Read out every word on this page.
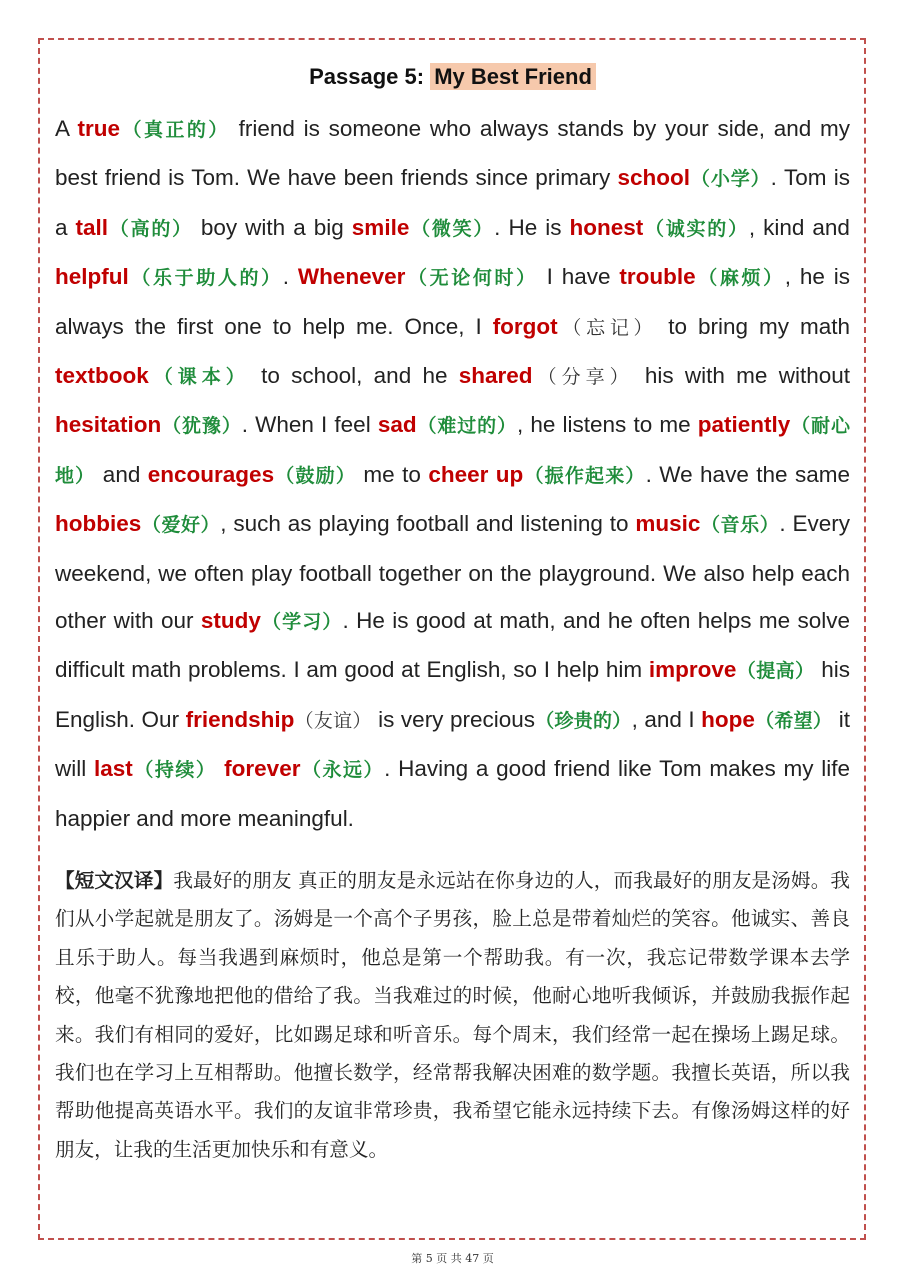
Passage 5: My Best Friend

A true（真正的） friend is someone who always stands by your side, and my best friend is Tom. We have been friends since primary school（小学）. Tom is a tall（高的） boy with a big smile（微笑）. He is honest（诚实的）, kind and helpful（乐于助人的）. Whenever（无论何时） I have trouble（麻烦）, he is always the first one to help me. Once, I forgot（忘记） to bring my math textbook（课本） to school, and he shared（分享） his with me without hesitation（犹豫）. When I feel sad（难过的）, he listens to me patiently（耐心地） and encourages（鼓励） me to cheer up（振作起来）. We have the same hobbies（爱好）, such as playing football and listening to music（音乐）. Every weekend, we often play football together on the playground. We also help each other with our study（学习）. He is good at math, and he often helps me solve difficult math problems. I am good at English, so I help him improve（提高） his English. Our friendship（友谊） is very precious（珍贵的）, and I hope（希望） it will last（持续） forever（永远）. Having a good friend like Tom makes my life happier and more meaningful.

【短文汉译】我最好的朋友 真正的朋友是永远站在你身边的人，而我最好的朋友是汤姆。我们从小学起就是朋友了。汤姆是一个高个子男孩，脸上总是带着灿烂的笑容。他诚实、善良且乐于助人。每当我遇到麻烦时，他总是第一个帮助我。有一次，我忘记带数学课本去学校，他毫不犹豫地把他的借给了我。当我难过的时候，他耐心地听我倾诉，并鼓励我振作起来。我们有相同的爱好，比如踢足球和听音乐。每个周末，我们经常一起在操场上踢足球。我们也在学习上互相帮助。他擅长数学，经常帮我解决困难的数学题。我擅长英语，所以我帮助他提高英语水平。我们的友谊非常珍贵，我希望它能永远持续下去。有像汤姆这样的好朋友，让我的生活更加快乐和有意义。

第 5 页 共 47 页
